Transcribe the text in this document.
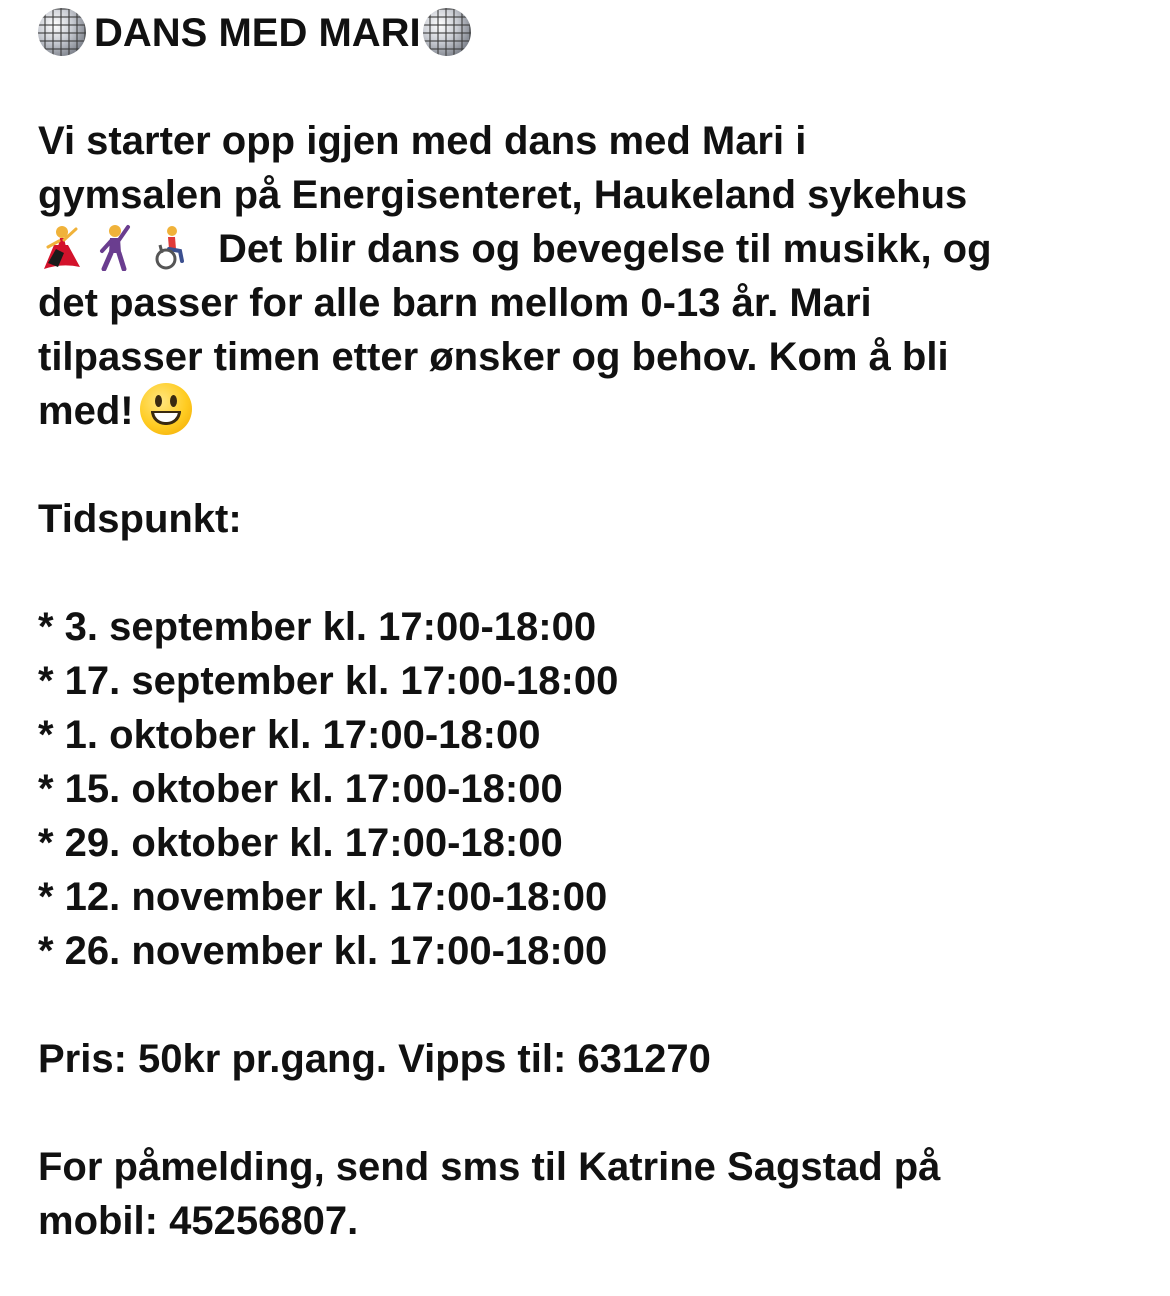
DANS MED MARI
Vi starter opp igjen med dans med Mari i
gymsalen på Energisenteret, Haukeland sykehus
Det blir dans og bevegelse til musikk, og
det passer for alle barn mellom 0-13 år. Mari
tilpasser timen etter ønsker og behov. Kom å bli
med!
Tidspunkt:
* 3. september kl. 17:00-18:00
* 17. september kl. 17:00-18:00
* 1. oktober kl. 17:00-18:00
* 15. oktober kl. 17:00-18:00
* 29. oktober kl. 17:00-18:00
* 12. november kl. 17:00-18:00
* 26. november kl. 17:00-18:00
Pris: 50kr pr.gang. Vipps til: 631270
For påmelding, send sms til Katrine Sagstad på
mobil: 45256807.
